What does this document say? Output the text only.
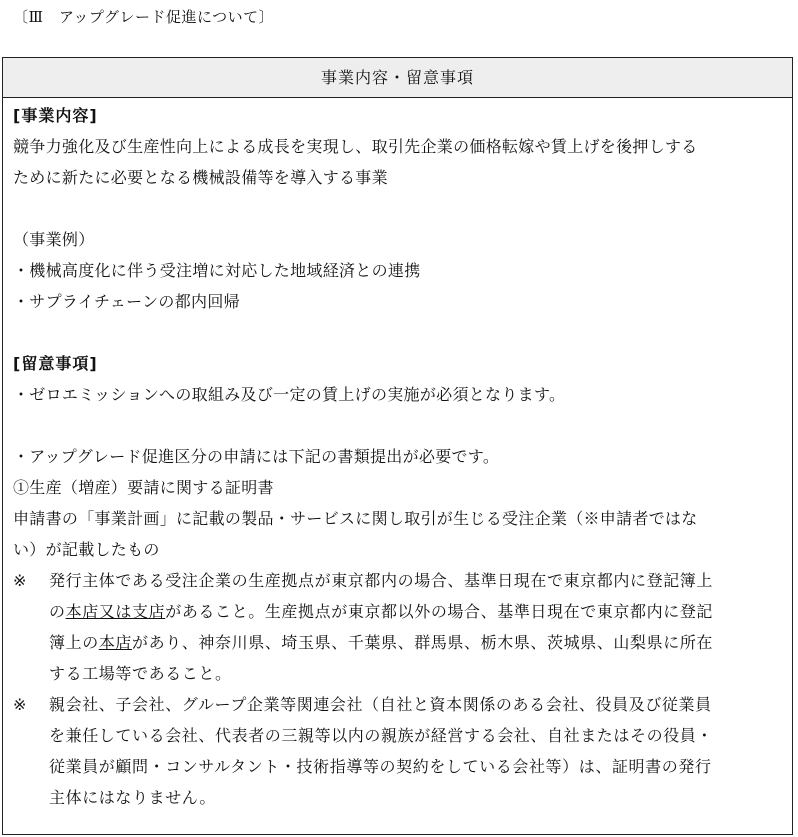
〔Ⅲ　アップグレード促進について〕
事業内容・留意事項
[事業内容]
競争力強化及び生産性向上による成長を実現し、取引先企業の価格転嫁や賃上げを後押しする
ために新たに必要となる機械設備等を導入する事業
（事業例）
・機械高度化に伴う受注増に対応した地域経済との連携
・サプライチェーンの都内回帰
[留意事項]
・ゼロエミッションへの取組み及び一定の賃上げの実施が必須となります。
・アップグレード促進区分の申請には下記の書類提出が必要です。
①生産（増産）要請に関する証明書
申請書の「事業計画」に記載の製品・サービスに関し取引が生じる受注企業（※申請者ではな
い）が記載したもの
※	発行主体である受注企業の生産拠点が東京都内の場合、基準日現在で東京都内に登記簿上
の本店又は支店があること。生産拠点が東京都以外の場合、基準日現在で東京都内に登記
簿上の本店があり、神奈川県、埼玉県、千葉県、群馬県、栃木県、茨城県、山梨県に所在
する工場等であること。
※	親会社、子会社、グループ企業等関連会社（自社と資本関係のある会社、役員及び従業員
を兼任している会社、代表者の三親等以内の親族が経営する会社、自社またはその役員・
従業員が顧問・コンサルタント・技術指導等の契約をしている会社等）は、証明書の発行
主体にはなりません。
